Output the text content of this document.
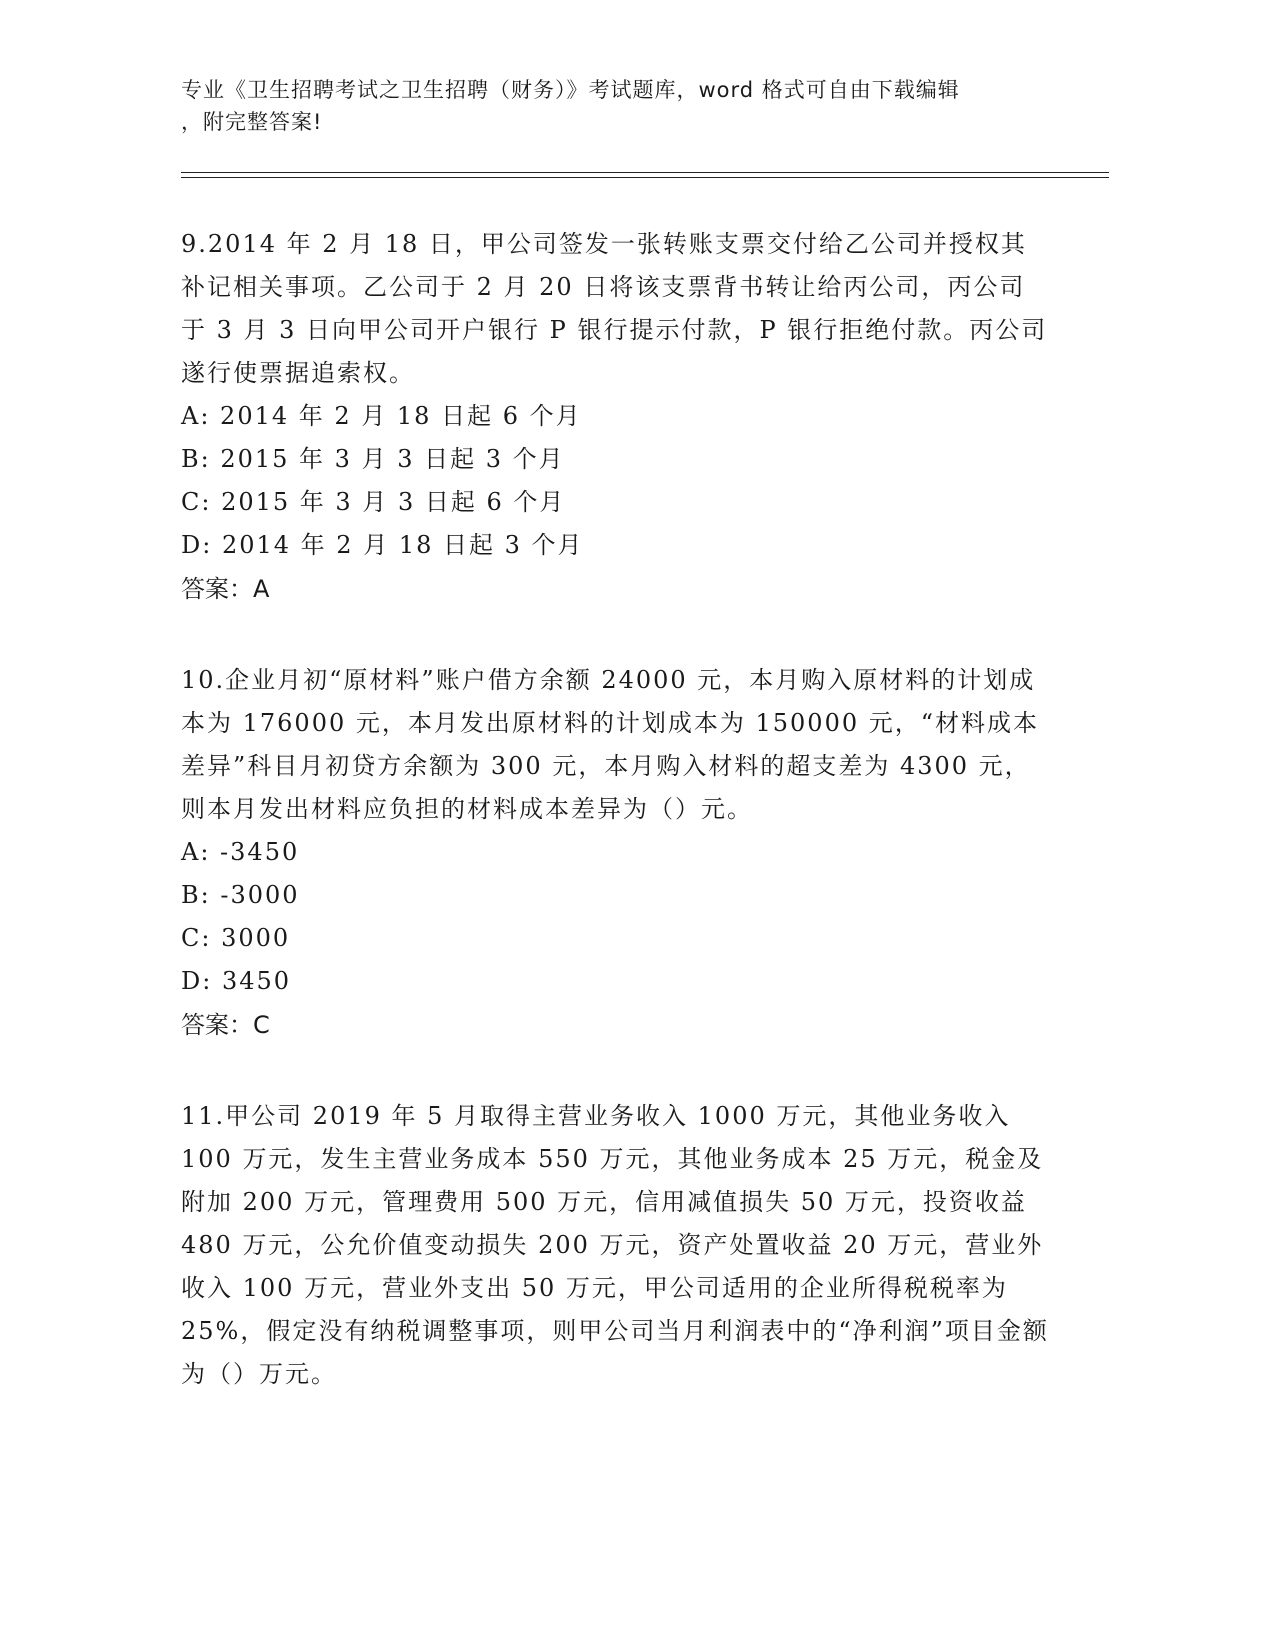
专业《卫生招聘考试之卫生招聘（财务）》考试题库，word 格式可自由下载编辑
，附完整答案!

9.2014 年 2 月 18 日，甲公司签发一张转账支票交付给乙公司并授权其补记相关事项。乙公司于 2 月 20 日将该支票背书转让给丙公司，丙公司于 3 月 3 日向甲公司开户银行 P 银行提示付款，P 银行拒绝付款。丙公司遂行使票据追索权。

A: 2014 年 2 月 18 日起 6 个月
B: 2015 年 3 月 3 日起 3 个月
C: 2015 年 3 月 3 日起 6 个月
D: 2014 年 2 月 18 日起 3 个月
答案：A

10.企业月初“原材料”账户借方余额 24000 元，本月购入原材料的计划成本为 176000 元，本月发出原材料的计划成本为 150000 元，“材料成本差异”科目月初贷方余额为 300 元，本月购入材料的超支差为 4300 元，则本月发出材料应负担的材料成本差异为（）元。

A: -3450
B: -3000
C: 3000
D: 3450
答案：C

11.甲公司 2019 年 5 月取得主营业务收入 1000 万元，其他业务收入 100 万元，发生主营业务成本 550 万元，其他业务成本 25 万元，税金及附加 200 万元，管理费用 500 万元，信用减值损失 50 万元，投资收益 480 万元，公允价值变动损失 200 万元，资产处置收益 20 万元，营业外收入 100 万元，营业外支出 50 万元，甲公司适用的企业所得税税率为 25%，假定没有纳税调整事项，则甲公司当月利润表中的“净利润”项目金额为（）万元。
